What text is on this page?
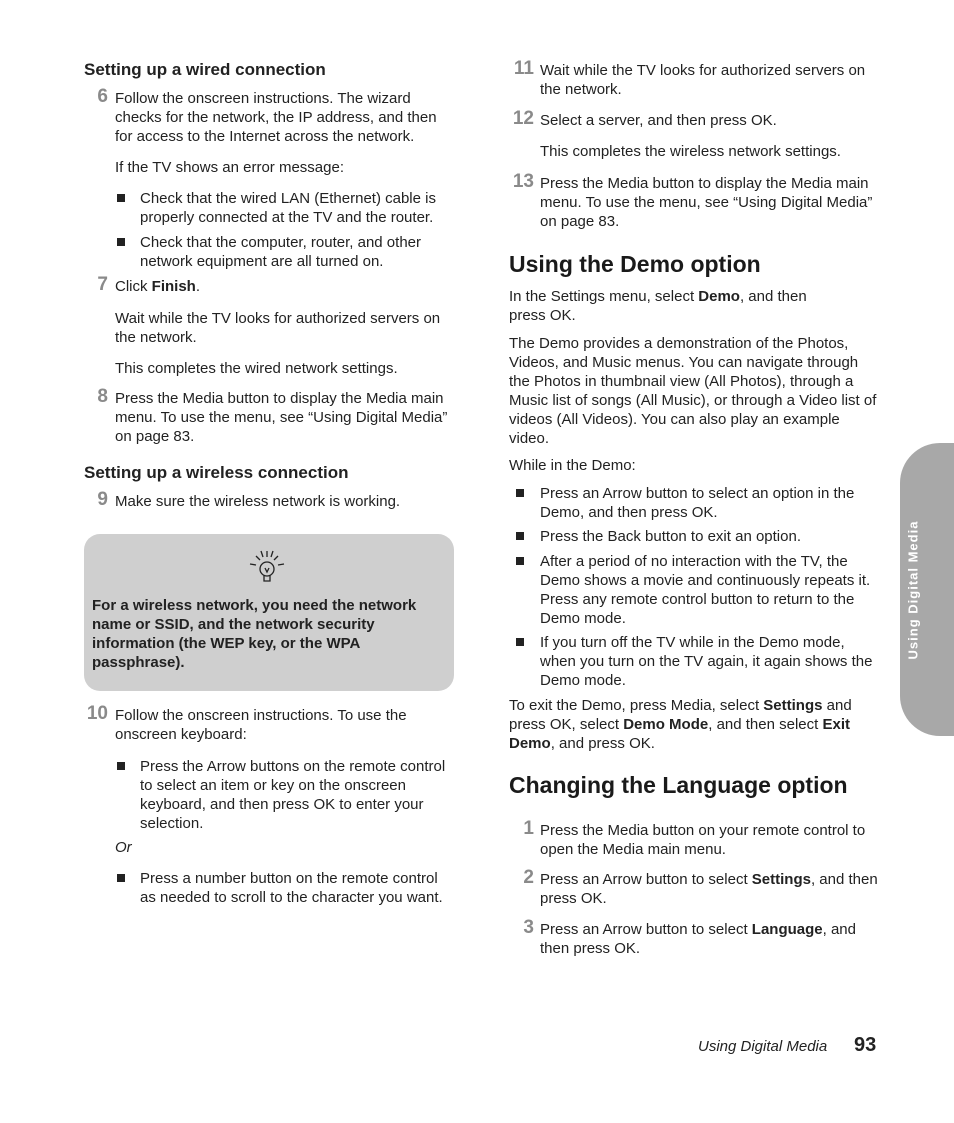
Setting up a wired connection
6 Follow the onscreen instructions. The wizard checks for the network, the IP address, and then for access to the Internet across the network.

If the TV shows an error message:

Check that the wired LAN (Ethernet) cable is properly connected at the TV and the router.

Check that the computer, router, and other network equipment are all turned on.

7 Click Finish.

Wait while the TV looks for authorized servers on the network.

This completes the wired network settings.

8 Press the Media button to display the Media main menu. To use the menu, see “Using Digital Media” on page 83.

Setting up a wireless connection
9 Make sure the wireless network is working.

For a wireless network, you need the network name or SSID, and the network security information (the WEP key, or the WPA passphrase).
10 Follow the onscreen instructions. To use the onscreen keyboard:

Press the Arrow buttons on the remote control to select an item or key on the onscreen keyboard, and then press OK to enter your selection.

Or

Press a number button on the remote control as needed to scroll to the character you want.

11 Wait while the TV looks for authorized servers on the network.

12 Select a server, and then press OK.

This completes the wireless network settings.

13 Press the Media button to display the Media main menu. To use the menu, see “Using Digital Media” on page 83.

Using the Demo option

In the Settings menu, select Demo, and then press OK.

The Demo provides a demonstration of the Photos, Videos, and Music menus. You can navigate through the Photos in thumbnail view (All Photos), through a Music list of songs (All Music), or through a Video list of videos (All Videos). You can also play an example video.

While in the Demo:

Press an Arrow button to select an option in the Demo, and then press OK.

Press the Back button to exit an option.

After a period of no interaction with the TV, the Demo shows a movie and continuously repeats it. Press any remote control button to return to the Demo mode.

If you turn off the TV while in the Demo mode, when you turn on the TV again, it again shows the Demo mode.

To exit the Demo, press Media, select Settings and press OK, select Demo Mode, and then select Exit Demo, and press OK.

Changing the Language option
1 Press the Media button on your remote control to open the Media main menu.

2 Press an Arrow button to select Settings, and then press OK.

3 Press an Arrow button to select Language, and then press OK.

Using Digital Media
Using Digital Media 93
